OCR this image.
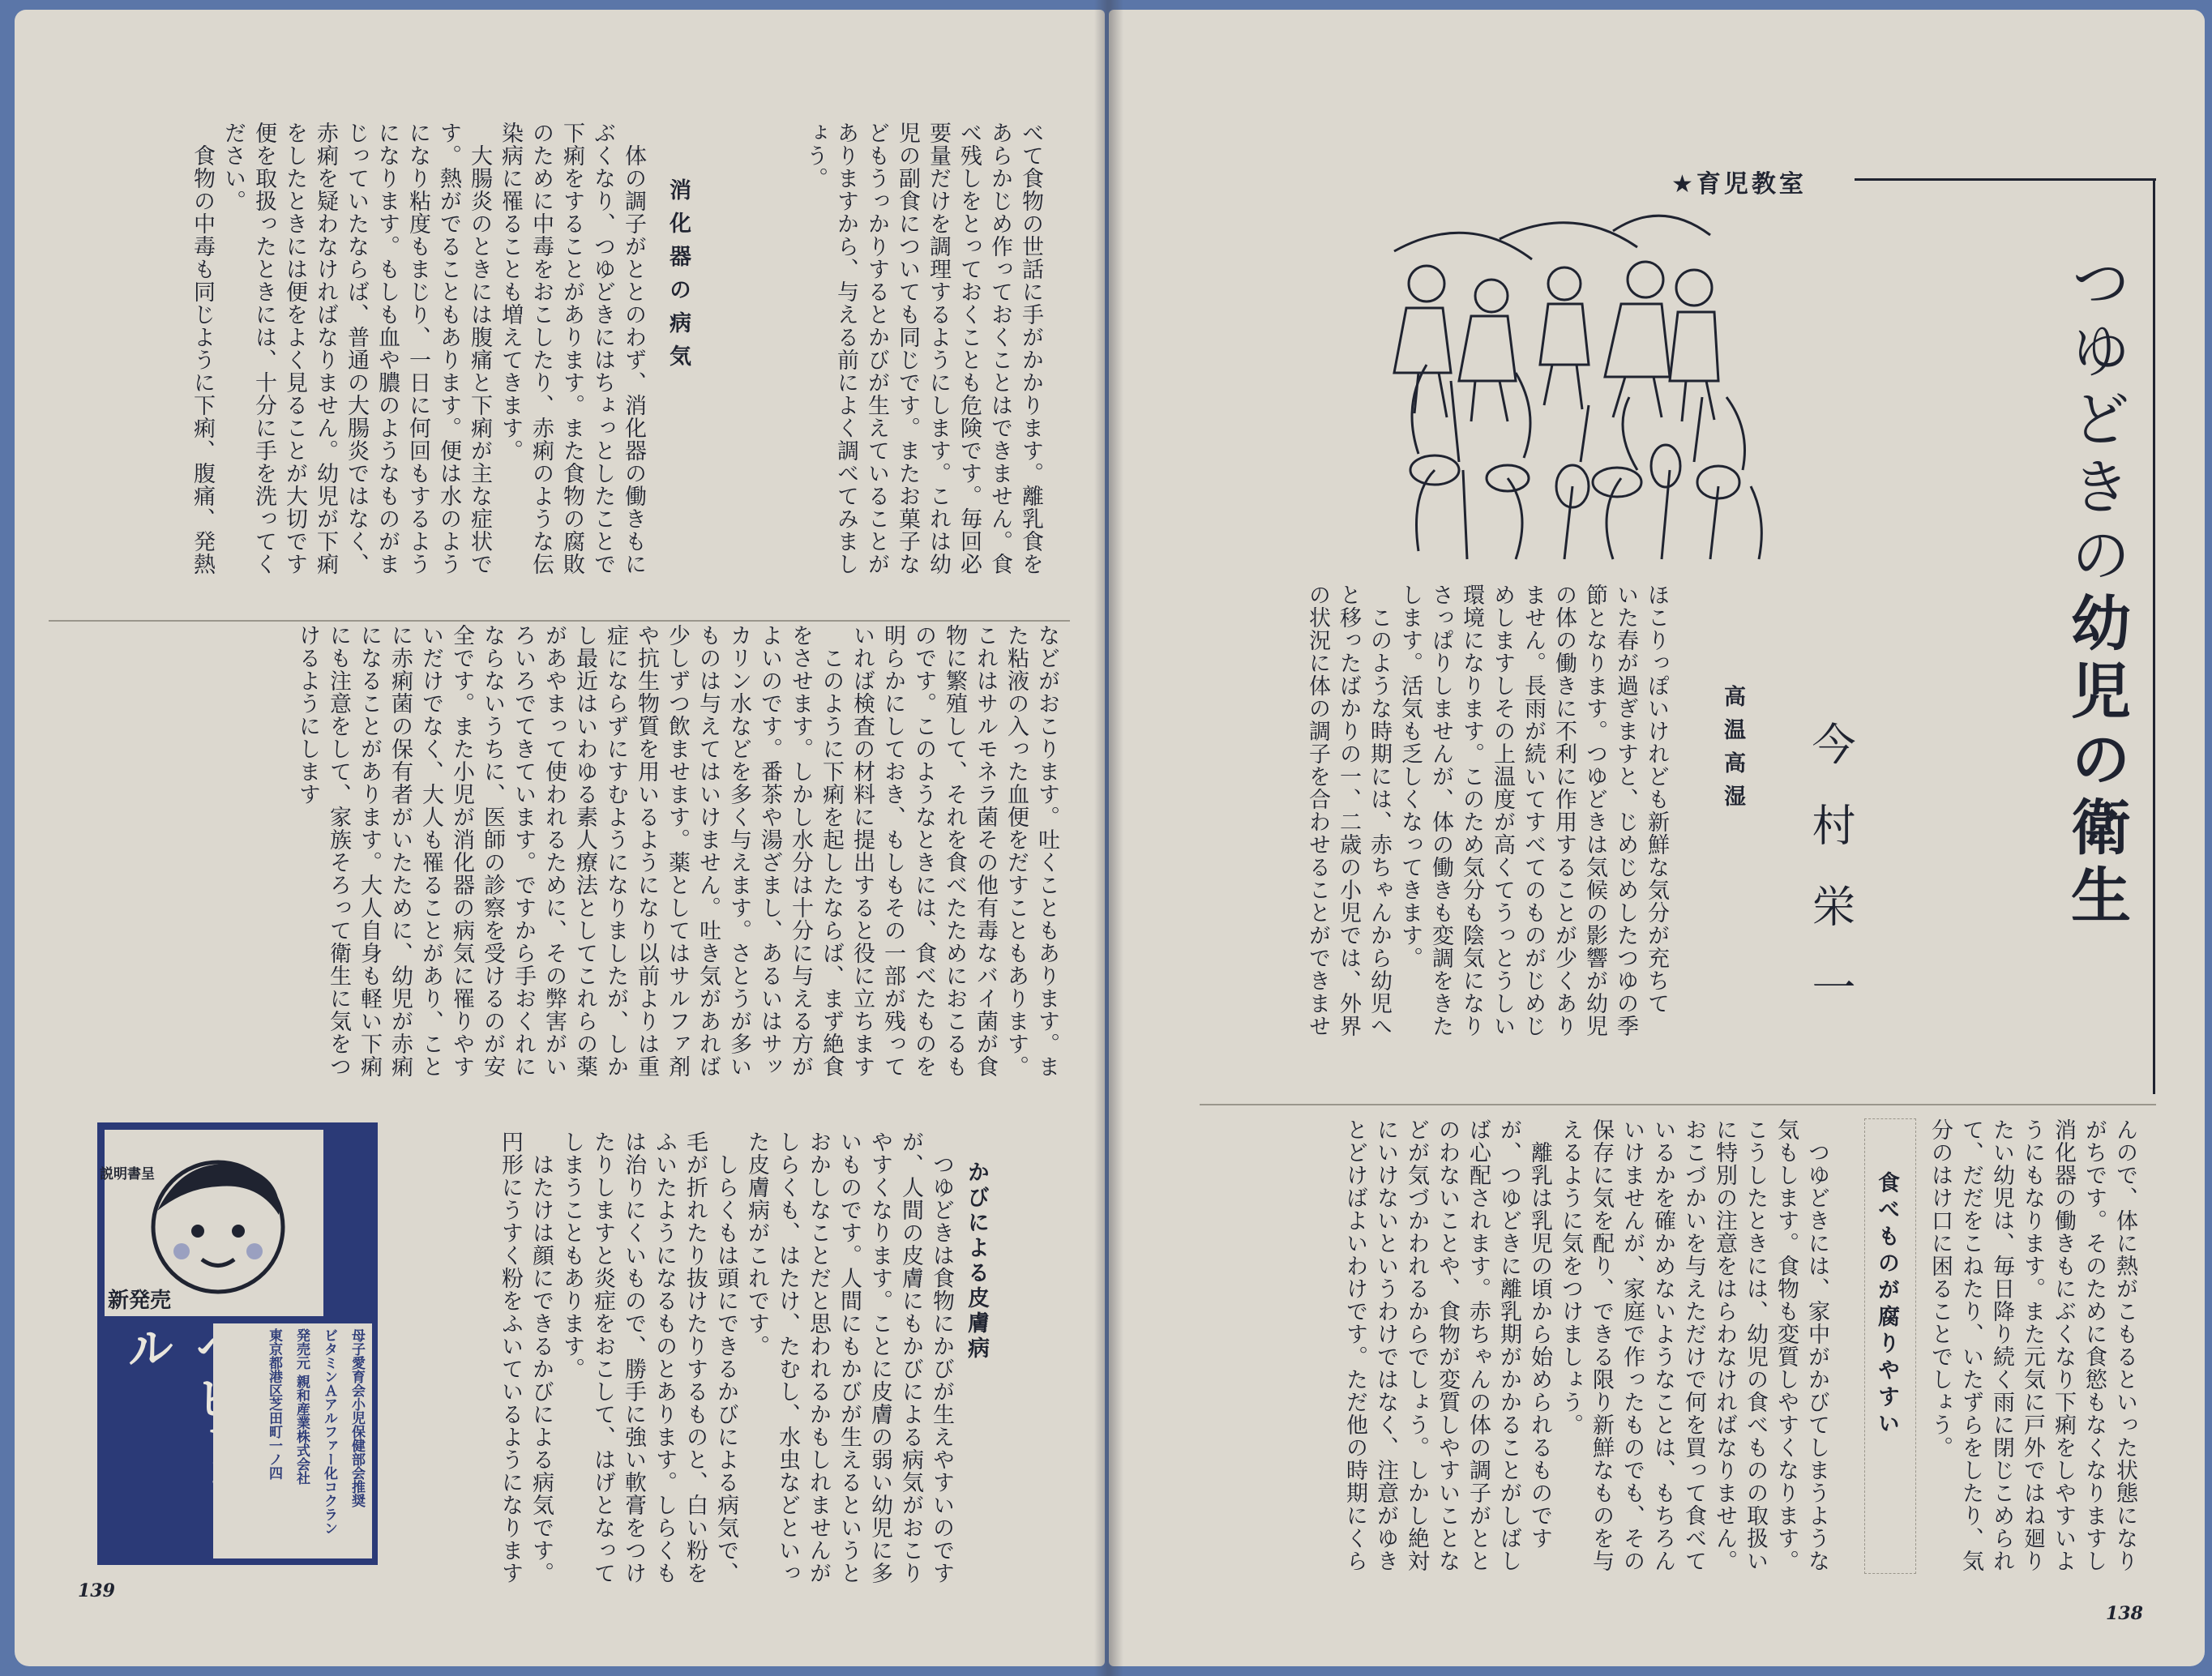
★育児教室
つゆどきの幼児の衛生
今村栄一
高温高湿
ほこりっぽいけれども新鮮な気分が充ちて
いた春が過ぎますと、じめじめしたつゆの季
節となります。つゆどきは気候の影響が幼児
の体の働きに不利に作用することが少くあり
ません。長雨が続いてすべてのものがじめじ
めしますしその上温度が高くてうっとうしい
環境になります。このため気分も陰気になり
さっぱりしませんが、体の働きも変調をきた
します。活気も乏しくなってきます。
　このような時期には、赤ちゃんから幼児へ
と移ったばかりの一、二歳の小児では、外界
の状況に体の調子を合わせることができませ
んので、体に熱がこもるといった状態になり
がちです。そのために食慾もなくなりますし
消化器の働きもにぶくなり下痢をしやすいよ
うにもなります。また元気に戸外ではね廻り
たい幼児は、毎日降り続く雨に閉じこめられ
て、だだをこねたり、いたずらをしたり、気
分のはけ口に困ることでしょう。
食べものが腐りやすい
　つゆどきには、家中がかびてしまうような
気もします。食物も変質しやすくなります。
こうしたときには、幼児の食べものの取扱い
に特別の注意をはらわなければなりません。
おこづかいを与えただけで何を買って食べて
いるかを確かめないようなことは、もちろん
いけませんが、家庭で作ったものでも、その
保存に気を配り、できる限り新鮮なものを与
えるように気をつけましょう。
　離乳は乳児の頃から始められるものです
が、つゆどきに離乳期がかかることがしばし
ば心配されます。赤ちゃんの体の調子がとと
のわないことや、食物が変質しやすいことな
どが気づかわれるからでしょう。しかし絶対
にいけないというわけではなく、注意がゆき
とどけばよいわけです。ただ他の時期にくら
138
べて食物の世話に手がかかります。離乳食を
あらかじめ作っておくことはできません。食
べ残しをとっておくことも危険です。毎回必
要量だけを調理するようにします。これは幼
児の副食についても同じです。またお菓子な
どもうっかりするとかびが生えていることが
ありますから、与える前によく調べてみまし
ょう。
消化器の病気
　体の調子がととのわず、消化器の働きもに
ぶくなり、つゆどきにはちょっとしたことで
下痢をすることがあります。また食物の腐敗
のために中毒をおこしたり、赤痢のような伝
染病に罹ることも増えてきます。
　大腸炎のときには腹痛と下痢が主な症状で
す。熱がでることもあります。便は水のよう
になり粘度もまじり、一日に何回もするよう
になります。もしも血や膿のようなものがま
じっていたならば、普通の大腸炎ではなく、
赤痢を疑わなければなりません。幼児が下痢
をしたときには便をよく見ることが大切です
便を取扱ったときには、十分に手を洗ってく
ださい。
　食物の中毒も同じように下痢、腹痛、発熱
などがおこります。吐くこともあります。ま
た粘液の入った血便をだすこともあります。
これはサルモネラ菌その他有毒なバイ菌が食
物に繁殖して、それを食べたためにおこるも
のです。このようなときには、食べたものを
明らかにしておき、もしもその一部が残って
いれば検査の材料に提出すると役に立ちます
　このように下痢を起したならば、まず絶食
をさせます。しかし水分は十分に与える方が
よいのです。番茶や湯ざまし、あるいはサッ
カリン水などを多く与えます。さとうが多い
ものは与えてはいけません。吐き気があれば
少しずつ飲ませます。薬としてはサルファ剤
や抗生物質を用いるようになり以前よりは重
症にならずにすむようになりましたが、しか
し最近はいわゆる素人療法としてこれらの薬
があやまって使われるために、その弊害がい
ろいろでてきています。ですから手おくれに
ならないうちに、医師の診察を受けるのが安
全です。また小児が消化器の病気に罹りやす
いだけでなく、大人も罹ることがあり、こと
に赤痢菌の保有者がいたために、幼児が赤痢
になることがあります。大人自身も軽い下痢
にも注意をして、家族そろって衛生に気をつ
けるようにします
かびによる皮膚病
　つゆどきは食物にかびが生えやすいのです
が、人間の皮膚にもかびによる病気がおこり
やすくなります。ことに皮膚の弱い幼児に多
いものです。人間にもかびが生えるというと
おかしなことだと思われるかもしれませんが
しらくも、はたけ、たむし、水虫などといっ
た皮膚病がこれです。
　しらくもは頭にできるかびによる病気で、
毛が折れたり抜けたりするものと、白い粉を
ふいたようになるものとあります。しらくも
は治りにくいもので、勝手に強い軟膏をつけ
たりしますと炎症をおこして、はげとなって
しまうこともあります。
　はたけは顔にできるかびによる病気です。
円形にうすく粉をふいているようになります
説明書呈
新発売
ル	母子愛育会小児保健部会推奨
ビタミンＡアルファー化コクラン
発売元 親和産業株式会社
東京都港区芝田町一ノ四
139
